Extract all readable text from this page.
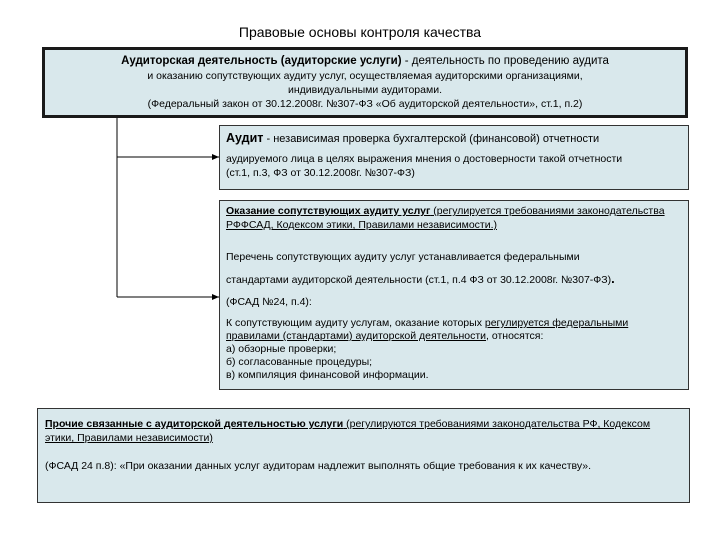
Правовые основы контроля качества
Аудиторская деятельность (аудиторские услуги) - деятельность по проведению аудита
и оказанию сопутствующих аудиту услуг, осуществляемая аудиторскими организациями,
индивидуальными аудиторами.
(Федеральный закон от 30.12.2008г. №307-ФЗ «Об аудиторской деятельности», ст.1, п.2)
Аудит - независимая проверка бухгалтерской (финансовой) отчетности
аудируемого лица в целях выражения мнения о достоверности такой отчетности
(ст.1, п.3, ФЗ от 30.12.2008г. №307-ФЗ)
Оказание сопутствующих аудиту услуг (регулируется требованиями законодательства РФФСАД, Кодексом этики, Правилами независимости.)
Перечень сопутствующих аудиту услуг устанавливается федеральными
стандартами аудиторской деятельности (ст.1, п.4 ФЗ от 30.12.2008г. №307-ФЗ).
(ФСАД №24, п.4):
К сопутствующим аудиту услугам, оказание которых регулируется федеральными правилами (стандартами) аудиторской деятельности, относятся:
а) обзорные проверки;
б) согласованные процедуры;
в) компиляция финансовой информации.
Прочие связанные с аудиторской деятельностью услуги (регулируются требованиями законодательства РФ, Кодексом этики, Правилами независимости)
(ФСАД 24 п.8): «При оказании данных услуг аудиторам надлежит выполнять общие требования к их качеству».
